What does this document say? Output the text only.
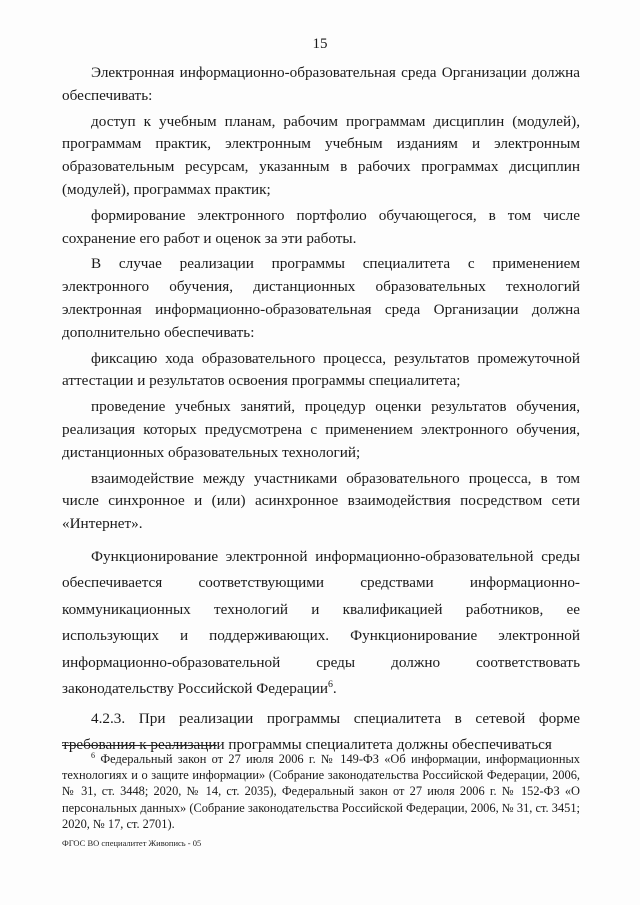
15

Электронная информационно-образовательная среда Организации должна обеспечивать:

доступ к учебным планам, рабочим программам дисциплин (модулей), программам практик, электронным учебным изданиям и электронным образовательным ресурсам, указанным в рабочих программах дисциплин (модулей), программах практик;

формирование электронного портфолио обучающегося, в том числе сохранение его работ и оценок за эти работы.

В случае реализации программы специалитета с применением электронного обучения, дистанционных образовательных технологий электронная информационно-образовательная среда Организации должна дополнительно обеспечивать:

фиксацию хода образовательного процесса, результатов промежуточной аттестации и результатов освоения программы специалитета;

проведение учебных занятий, процедур оценки результатов обучения, реализация которых предусмотрена с применением электронного обучения, дистанционных образовательных технологий;

взаимодействие между участниками образовательного процесса, в том числе синхронное и (или) асинхронное взаимодействия посредством сети «Интернет».

Функционирование электронной информационно-образовательной среды обеспечивается соответствующими средствами информационно-коммуникационных технологий и квалификацией работников, ее использующих и поддерживающих. Функционирование электронной информационно-образовательной среды должно соответствовать законодательству Российской Федерации$^6$.

4.2.3. При реализации программы специалитета в сетевой форме требования к реализации программы специалитета должны обеспечиваться

$^6$ Федеральный закон от 27 июля 2006 г. № 149-ФЗ «Об информации, информационных технологиях и о защите информации» (Собрание законодательства Российской Федерации, 2006, № 31, ст. 3448; 2020, № 14, ст. 2035), Федеральный закон от 27 июля 2006 г. № 152-ФЗ «О персональных данных» (Собрание законодательства Российской Федерации, 2006, № 31, ст. 3451; 2020, № 17, ст. 2701).
ФГОС ВО специалитет Живопись - 05
